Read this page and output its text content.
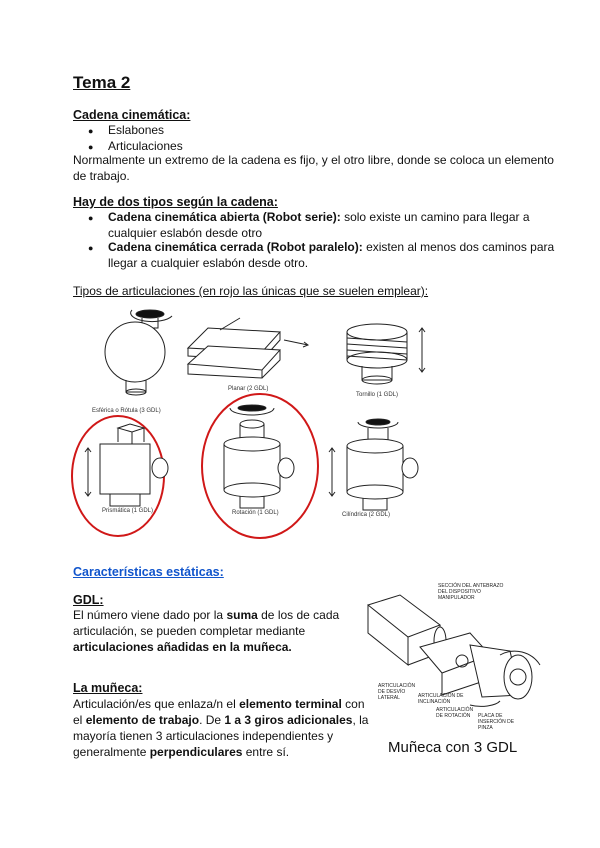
Tema 2
Cadena cinemática:
● Eslabones
● Articulaciones
Normalmente un extremo de la cadena es fijo, y el otro libre, donde se coloca un elemento
de trabajo.
Hay de dos tipos según la cadena:
● Cadena cinemática abierta (Robot serie): solo existe un camino para llegar a
cualquier eslabón desde otro
● Cadena cinemática cerrada (Robot paralelo): existen al menos dos caminos para
llegar a cualquier eslabón desde otro.
Tipos de articulaciones (en rojo las únicas que se suelen emplear):
Esférica o Rótula (3 GDL)
Planar (2 GDL)
Tornillo (1 GDL)
Prismática (1 GDL)	Rotación (1 GDL)	Cilíndrica (2 GDL)
Características estáticas:
GDL:
El número viene dado por la suma de los de cada
articulación, se pueden completar mediante
articulaciones añadidas en la muñeca.
La muñeca:
Articulación/es que enlaza/n el elemento terminal con
el elemento de trabajo. De 1 a 3 giros adicionales, la
mayoría tienen 3 articulaciones independientes y
generalmente perpendiculares entre sí.
SECCIÓN DEL ANTEBRAZO DEL DISPOSITIVO MANIPULADOR
ARTICULACIÓN DE DESVÍO LATERAL	ARTICULACIÓN DE INCLINACIÓN
ARTICULACIÓN DE ROTACIÓN	PLACA DE INSERCIÓN DE PINZA
Muñeca con 3 GDL
